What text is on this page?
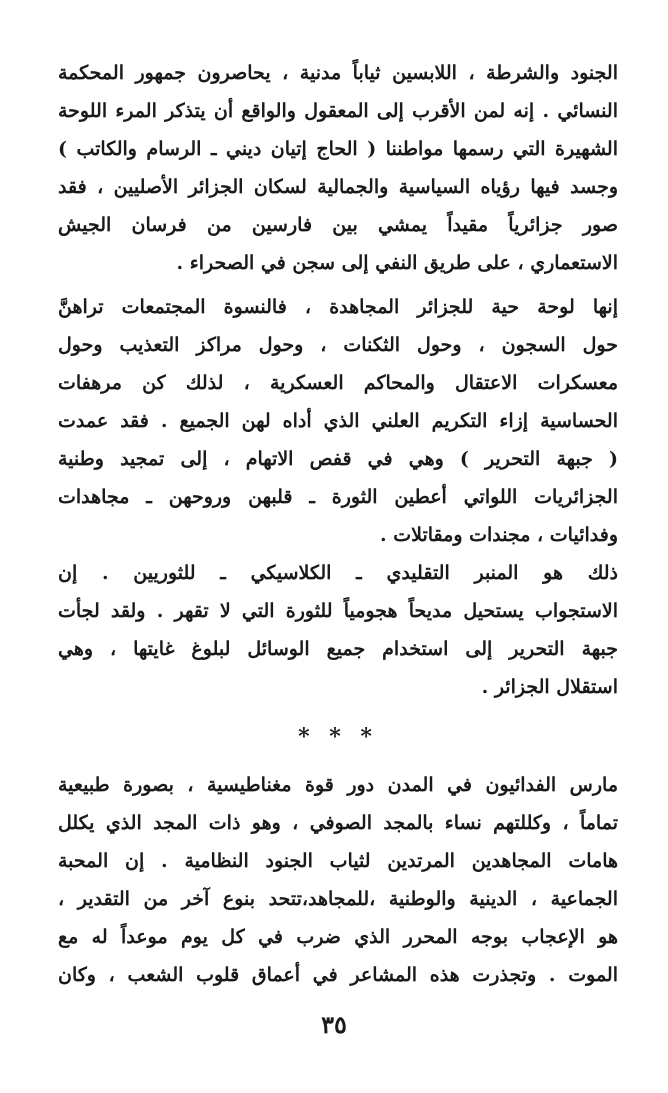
الجنود والشرطة ، اللابسين ثياباً مدنية ، يحاصرون جمهور المحكمة
النسائي . إنه لمن الأقرب إلى المعقول والواقع أن يتذكر المرء اللوحة
الشهيرة التي رسمها مواطننا ( الحاج إتيان ديني ـ الرسام والكاتب )
وجسد فيها رؤياه السياسية والجمالية لسكان الجزائر الأصليين ، فقد
صور جزائرياً مقيداً يمشي بين فارسين من فرسان الجيش
الاستعماري ، على طريق النفي إلى سجن في الصحراء .
إنها لوحة حية للجزائر المجاهدة ، فالنسوة المجتمعات تراهنَّ
حول السجون ، وحول الثكنات ، وحول مراكز التعذيب وحول
معسكرات الاعتقال والمحاكم العسكرية ، لذلك كن مرهفات
الحساسية إزاء التكريم العلني الذي أداه لهن الجميع . فقد عمدت
( جبهة التحرير ) وهي في قفص الاتهام ، إلى تمجيد وطنية
الجزائريات اللواتي أعطين الثورة ـ قلبهن وروحهن ـ مجاهدات
وفدائيات ، مجندات ومقاتلات .
ذلك هو المنبر التقليدي ـ الكلاسيكي ـ للثوريين . إن
الاستجواب يستحيل مديحاً هجومياً للثورة التي لا تقهر . ولقد لجأت
جبهة التحرير إلى استخدام جميع الوسائل لبلوغ غايتها ، وهي
استقلال الجزائر .
* * *
مارس الفدائيون في المدن دور قوة مغناطيسية ، بصورة طبيعية
تماماً ، وكللتهم نساء بالمجد الصوفي ، وهو ذات المجد الذي يكلل
هامات المجاهدين المرتدين لثياب الجنود النظامية . إن المحبة
الجماعية ، الدينية والوطنية ،للمجاهد،تتحد بنوع آخر من التقدير ،
هو الإعجاب بوجه المحرر الذي ضرب في كل يوم موعداً له مع
الموت . وتجذرت هذه المشاعر في أعماق قلوب الشعب ، وكان
٣٥
